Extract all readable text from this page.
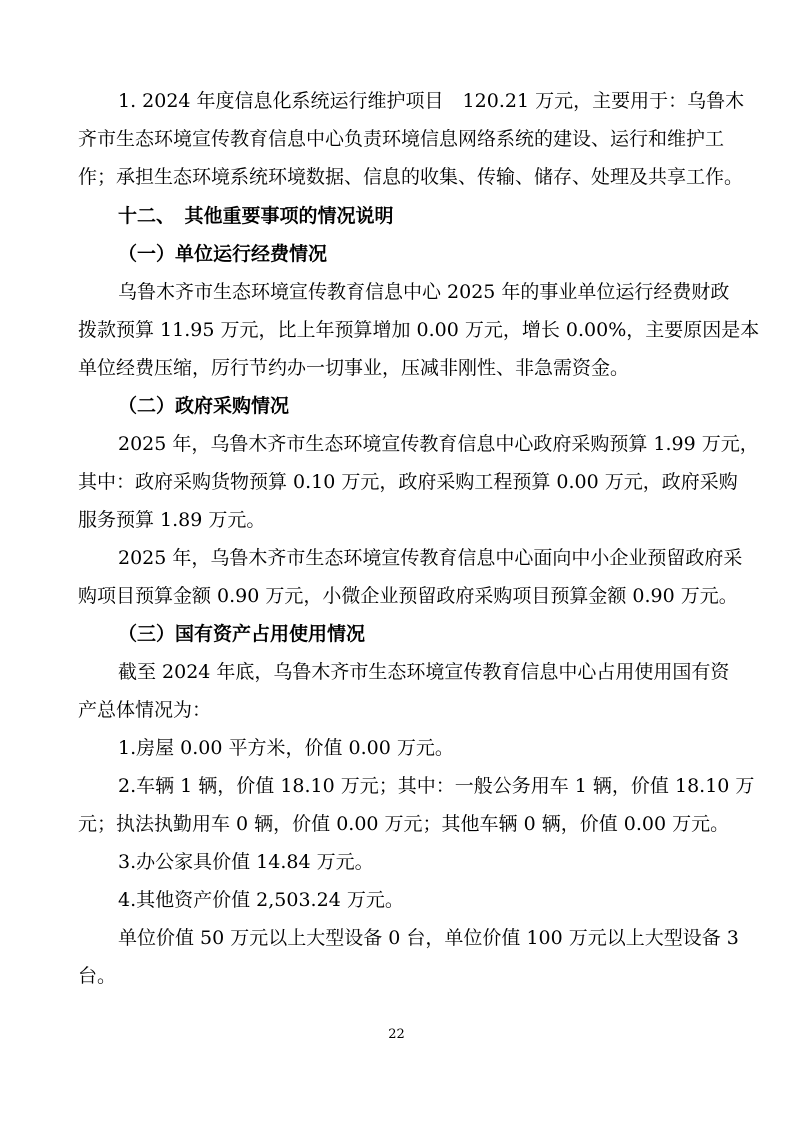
1. 2024 年度信息化系统运行维护项目　120.21 万元，主要用于：乌鲁木
齐市生态环境宣传教育信息中心负责环境信息网络系统的建设、运行和维护工
作；承担生态环境系统环境数据、信息的收集、传输、储存、处理及共享工作。
十二、　其他重要事项的情况说明
（一）单位运行经费情况
乌鲁木齐市生态环境宣传教育信息中心 2025 年的事业单位运行经费财政
拨款预算 11.95 万元，比上年预算增加 0.00 万元，增长 0.00%，主要原因是本
单位经费压缩，厉行节约办一切事业，压减非刚性、非急需资金。
（二）政府采购情况
2025 年，乌鲁木齐市生态环境宣传教育信息中心政府采购预算 1.99 万元，
其中：政府采购货物预算 0.10 万元，政府采购工程预算 0.00 万元，政府采购
服务预算 1.89 万元。
2025 年，乌鲁木齐市生态环境宣传教育信息中心面向中小企业预留政府采
购项目预算金额 0.90 万元，小微企业预留政府采购项目预算金额 0.90 万元。
（三）国有资产占用使用情况
截至 2024 年底，乌鲁木齐市生态环境宣传教育信息中心占用使用国有资
产总体情况为：
1.房屋 0.00 平方米，价值 0.00 万元。
2.车辆 1 辆，价值 18.10 万元；其中：一般公务用车 1 辆，价值 18.10 万
元；执法执勤用车 0 辆，价值 0.00 万元；其他车辆 0 辆，价值 0.00 万元。
3.办公家具价值 14.84 万元。
4.其他资产价值 2,503.24 万元。
单位价值 50 万元以上大型设备 0 台，单位价值 100 万元以上大型设备 3
台。
22
